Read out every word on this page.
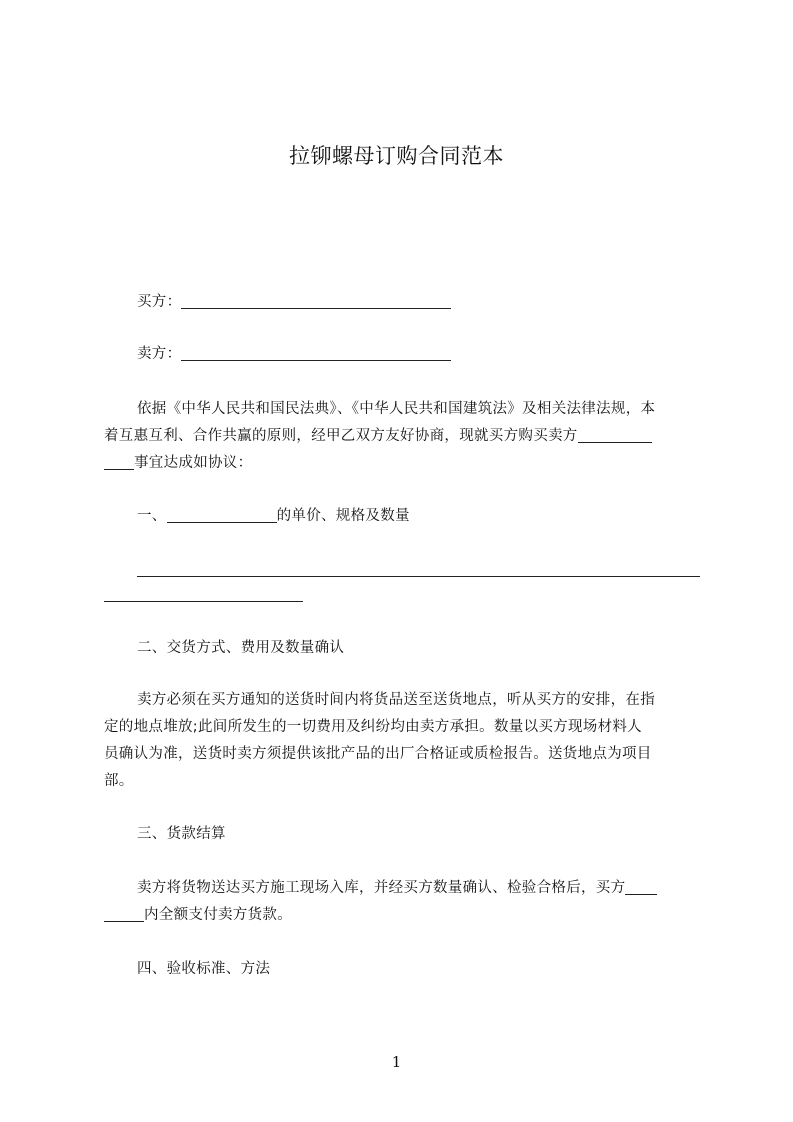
拉铆螺母订购合同范本
买方：
卖方：
依据《中华人民共和国民法典》、《中华人民共和国建筑法》及相关法律法规，本
着互惠互利、合作共赢的原则，经甲乙双方友好协商，现就买方购买卖方
事宜达成如协议：
一、	的单价、规格及数量
二、交货方式、费用及数量确认
卖方必须在买方通知的送货时间内将货品送至送货地点，听从买方的安排，在指
定的地点堆放;此间所发生的一切费用及纠纷均由卖方承担。数量以买方现场材料人
员确认为准，送货时卖方须提供该批产品的出厂合格证或质检报告。送货地点为项目
部。
三、货款结算
卖方将货物送达买方施工现场入库，并经买方数量确认、检验合格后，买方
内全额支付卖方货款。
四、验收标准、方法
1
